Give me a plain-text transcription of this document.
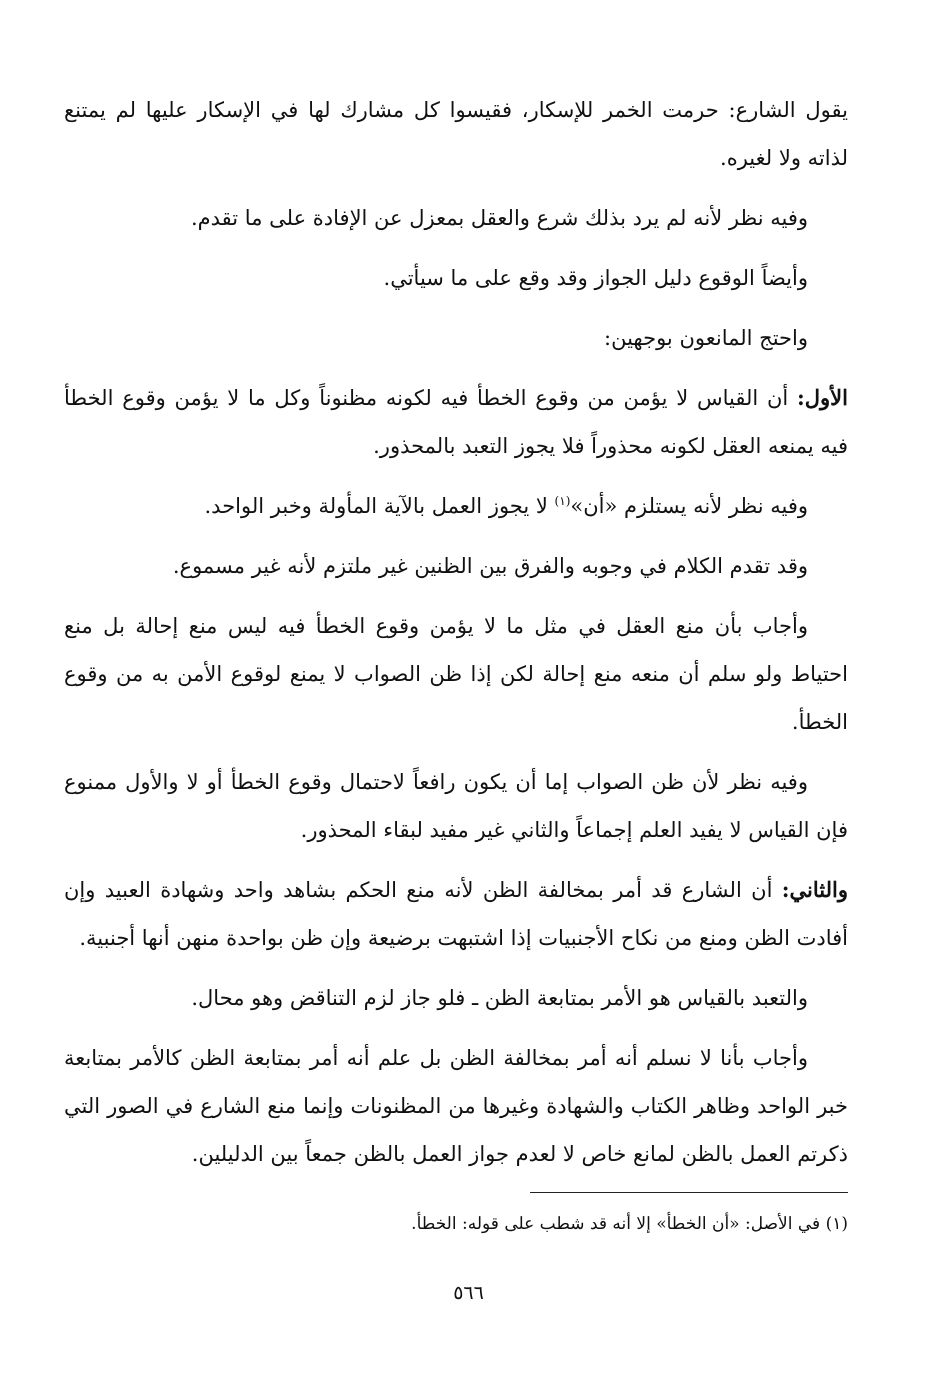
يقول الشارع: حرمت الخمر للإسكار، فقيسوا كل مشارك لها في الإسكار عليها لم يمتنع لذاته ولا لغيره.

وفيه نظر لأنه لم يرد بذلك شرع والعقل بمعزل عن الإفادة على ما تقدم.

وأيضاً الوقوع دليل الجواز وقد وقع على ما سيأتي.

واحتج المانعون بوجهين:

الأول: أن القياس لا يؤمن من وقوع الخطأ فيه لكونه مظنوناً وكل ما لا يؤمن وقوع الخطأ فيه يمنعه العقل لكونه محذوراً فلا يجوز التعبد بالمحذور.

وفيه نظر لأنه يستلزم «أن»$^{(١)}$ لا يجوز العمل بالآية المأولة وخبر الواحد.

وقد تقدم الكلام في وجوبه والفرق بين الظنين غير ملتزم لأنه غير مسموع.

وأجاب بأن منع العقل في مثل ما لا يؤمن وقوع الخطأ فيه ليس منع إحالة بل منع احتياط ولو سلم أن منعه منع إحالة لكن إذا ظن الصواب لا يمنع لوقوع الأمن به من وقوع الخطأ.

وفيه نظر لأن ظن الصواب إما أن يكون رافعاً لاحتمال وقوع الخطأ أو لا والأول ممنوع فإن القياس لا يفيد العلم إجماعاً والثاني غير مفيد لبقاء المحذور.

والثاني: أن الشارع قد أمر بمخالفة الظن لأنه منع الحكم بشاهد واحد وشهادة العبيد وإن أفادت الظن ومنع من نكاح الأجنبيات إذا اشتبهت برضيعة وإن ظن بواحدة منهن أنها أجنبية.

والتعبد بالقياس هو الأمر بمتابعة الظن ـ فلو جاز لزم التناقض وهو محال.

وأجاب بأنا لا نسلم أنه أمر بمخالفة الظن بل علم أنه أمر بمتابعة الظن كالأمر بمتابعة خبر الواحد وظاهر الكتاب والشهادة وغيرها من المظنونات وإنما منع الشارع في الصور التي ذكرتم العمل بالظن لمانع خاص لا لعدم جواز العمل بالظن جمعاً بين الدليلين.

(١) في الأصل: «أن الخطأ» إلا أنه قد شطب على قوله: الخطأ.
٥٦٦
